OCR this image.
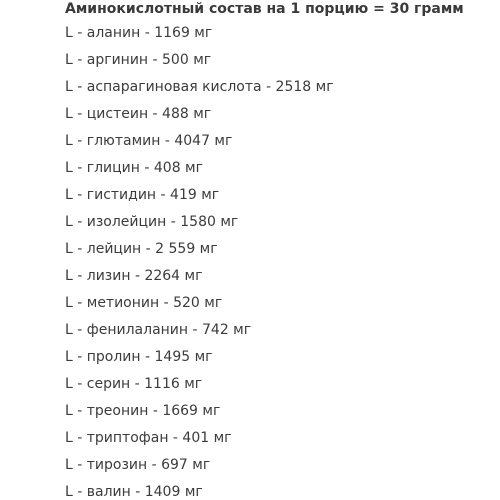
Аминокислотный состав на 1 порцию = 30 грамм

L - аланин - 1169 мг
L - аргинин - 500 мг
L - аспарагиновая кислота - 2518 мг
L - цистеин - 488 мг
L - глютамин - 4047 мг
L - глицин - 408 мг
L - гистидин - 419 мг
L - изолейцин - 1580 мг
L - лейцин - 2 559 мг
L - лизин - 2264 мг
L - метионин - 520 мг
L - фенилаланин - 742 мг
L - пролин - 1495 мг
L - серин - 1116 мг
L - треонин - 1669 мг
L - триптофан - 401 мг
L - тирозин - 697 мг
L - валин - 1409 мг
